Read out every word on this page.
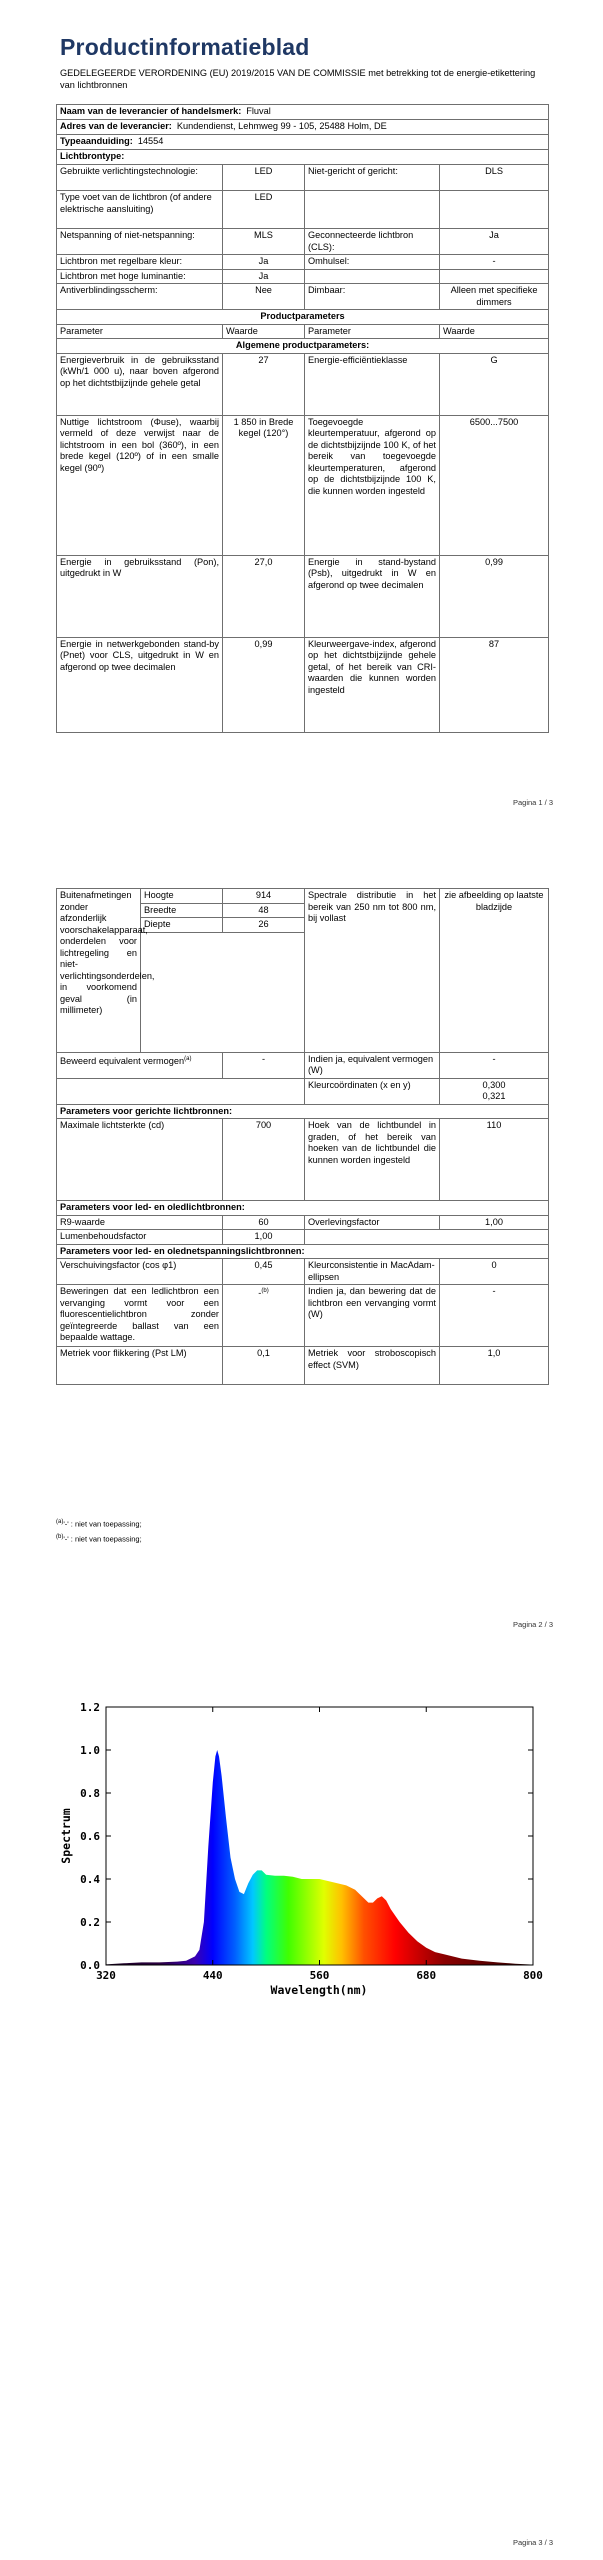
Productinformatieblad
GEDELEGEERDE VERORDENING (EU) 2019/2015 VAN DE COMMISSIE met betrekking tot de energie-etikettering van lichtbronnen
Naam van de leverancier of handelsmerk: Fluval			
Adres van de leverancier: Kundendienst, Lehmweg 99 - 105, 25488 Holm, DE			
Typeaanduiding: 14554			
Lichtbrontype:			
Gebruikte verlichtingstechnologie:	LED	Niet-gericht of gericht:	DLS
Type voet van de lichtbron (of andere elektrische aansluiting)	LED		
Netspanning of niet-netspanning:	MLS	Geconnecteerde lichtbron (CLS):	Ja
Lichtbron met regelbare kleur:	Ja	Omhulsel:	-
Lichtbron met hoge luminantie:	Ja		
Antiverblindingsscherm:	Nee	Dimbaar:	Alleen met specifieke dimmers
Productparameters			
Parameter	Waarde	Parameter	Waarde
Algemene productparameters:			
Energieverbruik in de gebruiksstand (kWh/1 000 u), naar boven afgerond op het dichtstbijzijnde gehele getal	27	Energie-efficiëntieklasse	G
Nuttige lichtstroom (Φuse), waarbij vermeld of deze verwijst naar de lichtstroom in een bol (360º), in een brede kegel (120º) of in een smalle kegel (90º)	1 850 in Brede kegel (120°)	Toegevoegde kleurtemperatuur, afgerond op de dichtstbijzijnde 100 K, of het bereik van toegevoegde kleurtemperaturen, afgerond op de dichtstbijzijnde 100 K, die kunnen worden ingesteld	6500...7500
Energie in gebruiksstand (Pon), uitgedrukt in W	27,0	Energie in stand-bystand (Psb), uitgedrukt in W en afgerond op twee decimalen	0,99
Energie in netwerkgebonden stand-by (Pnet) voor CLS, uitgedrukt in W en afgerond op twee decimalen	0,99	Kleurweergave-index, afgerond op het dichtstbijzijnde gehele getal, of het bereik van CRI-waarden die kunnen worden ingesteld	87
Pagina 1 / 3
Buitenafmetingen zonder afzonderlijk voorschakelapparaat, onderdelen voor lichtregeling en niet-verlichtingsonderdelen, in voorkomend geval (in millimeter)	Hoogte	914	Spectrale distributie in het bereik van 250 nm tot 800 nm, bij vollast	zie afbeelding op laatste bladzijde
	Breedte	48		
	Diepte	26		

Beweerd equivalent vermogen$^{(a)}$		-	Indien ja, equivalent vermogen (W)	-
			Kleurcoördinaten (x en y)	0,300
0,321

Parameters voor gerichte lichtbronnen:				
Maximale lichtsterkte (cd)		700	Hoek van de lichtbundel in graden, of het bereik van hoeken van de lichtbundel die kunnen worden ingesteld	110
Parameters voor led- en oledlichtbronnen:				
R9-waarde		60	Overlevingsfactor	1,00
Lumenbehoudsfactor		1,00		
Parameters voor led- en olednetspanningslichtbronnen:				
Verschuivingsfactor (cos φ1)		0,45	Kleurconsistentie in MacAdam-ellipsen	0
Beweringen dat een ledlichtbron een vervanging vormt voor een fluorescentielichtbron zonder geïntegreerde ballast van een bepaalde wattage.		-$^{(b)}$	Indien ja, dan bewering dat de lichtbron een vervanging vormt (W)	-
Metriek voor flikkering (Pst LM)		0,1	Metriek voor stroboscopisch effect (SVM)	1,0
$^{(a)}$'-' : niet van toepassing;
$^{(b)}$'-' : niet van toepassing;
Pagina 2 / 3
320	440	560	680	800
0.0
0.2
0.4
0.6
0.8
1.0
1.2
Wavelength(nm)
Spectrum
Pagina 3 / 3
